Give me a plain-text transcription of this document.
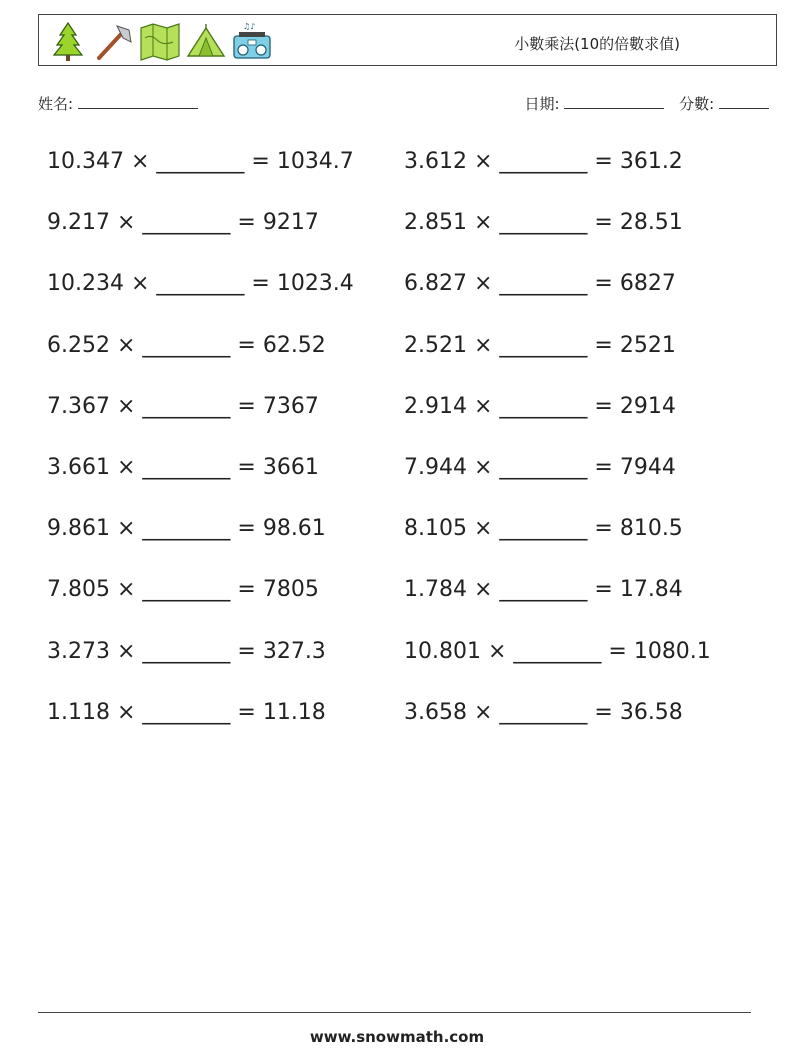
♫♪
小數乘法(10的倍數求值)
姓名:	日期:	分數:
10.347 × ________ = 1034.7 3.612 × ________ = 361.2
9.217 × ________ = 9217	2.851 × ________ = 28.51
10.234 × ________ = 1023.4 6.827 × ________ = 6827
6.252 × ________ = 62.52	2.521 × ________ = 2521
7.367 × ________ = 7367	2.914 × ________ = 2914
3.661 × ________ = 3661	7.944 × ________ = 7944
9.861 × ________ = 98.61	8.105 × ________ = 810.5
7.805 × ________ = 7805	1.784 × ________ = 17.84
3.273 × ________ = 327.3	10.801 × ________ = 1080.1
1.118 × ________ = 11.18	3.658 × ________ = 36.58
www.snowmath.com
